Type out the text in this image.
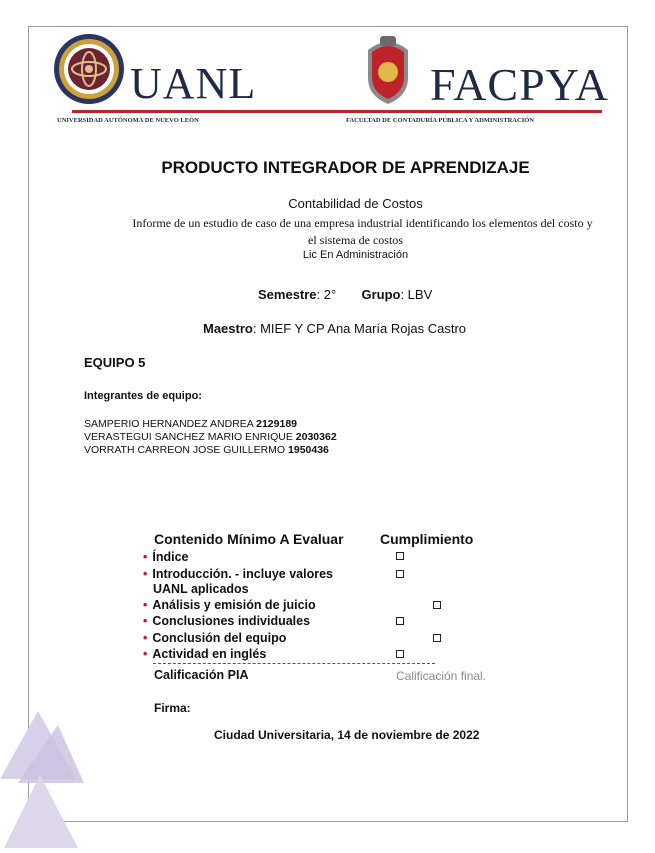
UANL
UNIVERSIDAD AUTÓNOMA DE NUEVO LEÓN
FACPYA
FACULTAD DE CONTADURÍA PÚBLICA Y ADMINISTRACIÓN
PRODUCTO INTEGRADOR DE APRENDIZAJE
Contabilidad de Costos
Informe de un estudio de caso de una empresa industrial identificando los elementos del costo y
el sistema de costos
Lic En Administración
Semestre: 2° Grupo: LBV
Maestro: MIEF Y CP Ana María Rojas Castro
EQUIPO 5
Integrantes de equipo:
SAMPERIO HERNANDEZ ANDREA 2129189
VERASTEGUI SANCHEZ MARIO ENRIQUE 2030362
VORRATH CARREON JOSE GUILLERMO 1950436
Contenido Mínimo A Evaluar	Cumplimiento
• Índice
• Introducción. - incluye valores
UANL aplicados
• Análisis y emisión de juicio
• Conclusiones individuales
• Conclusión del equipo
• Actividad en inglés
Calificación PIA	Calificación final.
Firma:
Ciudad Universitaria, 14 de noviembre de 2022
